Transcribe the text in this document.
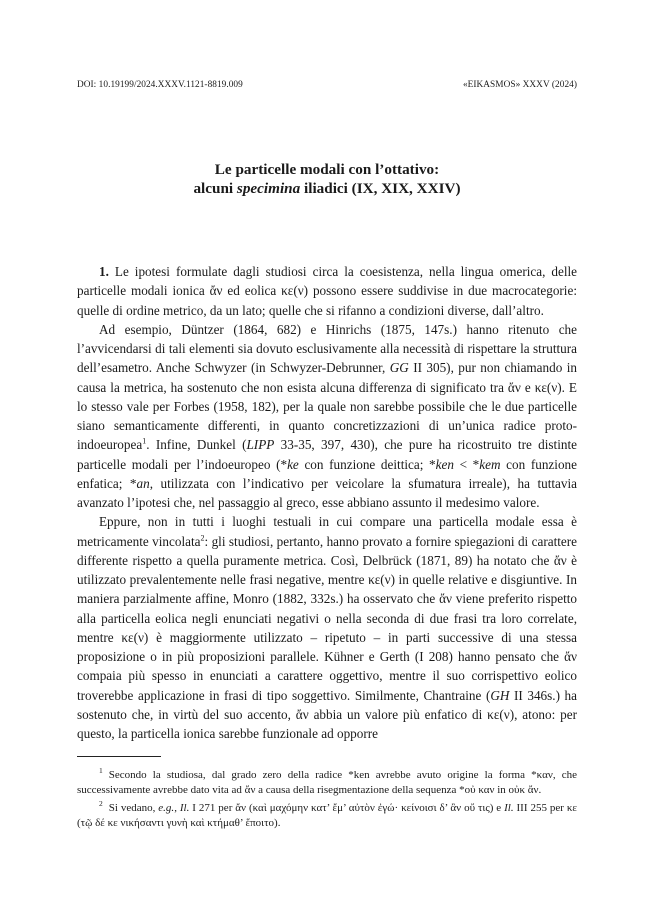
DOI: 10.19199/2024.XXXV.1121-8819.009	«EIKASMOS» XXXV (2024)
Le particelle modali con l’ottativo:
alcuni specimina iliadici (IX, XIX, XXIV)

1. Le ipotesi formulate dagli studiosi circa la coesistenza, nella lingua omerica, delle particelle modali ionica ἄν ed eolica κε(ν) possono essere suddivise in due macrocategorie: quelle di ordine metrico, da un lato; quelle che si rifanno a condizioni diverse, dall’altro.

Ad esempio, Düntzer (1864, 682) e Hinrichs (1875, 147s.) hanno ritenuto che l’avvicendarsi di tali elementi sia dovuto esclusivamente alla necessità di rispettare la struttura dell’esametro. Anche Schwyzer (in Schwyzer-Debrunner, GG II 305), pur non chiamando in causa la metrica, ha sostenuto che non esista alcuna differenza di significato tra ἄν e κε(ν). E lo stesso vale per Forbes (1958, 182), per la quale non sarebbe possibile che le due particelle siano semanticamente differenti, in quanto concretizzazioni di un’unica radice proto-indoeuropea$^1$. Infine, Dunkel (LIPP 33-35, 397, 430), che pure ha ricostruito tre distinte particelle modali per l’indoeuropeo (*ke con funzione deittica; *ken < *kem con funzione enfatica; *an, utilizzata con l’indicativo per veicolare la sfumatura irreale), ha tuttavia avanzato l’ipotesi che, nel passaggio al greco, esse abbiano assunto il medesimo valore.

Eppure, non in tutti i luoghi testuali in cui compare una particella modale essa è metricamente vincolata$^2$: gli studiosi, pertanto, hanno provato a fornire spiegazioni di carattere differente rispetto a quella puramente metrica. Così, Delbrück (1871, 89) ha notato che ἄν è utilizzato prevalentemente nelle frasi negative, mentre κε(ν) in quelle relative e disgiuntive. In maniera parzialmente affine, Monro (1882, 332s.) ha osservato che ἄν viene preferito rispetto alla particella eolica negli enunciati negativi o nella seconda di due frasi tra loro correlate, mentre κε(ν) è maggiormente utilizzato – ripetuto – in parti successive di una stessa proposizione o in più proposizioni parallele. Kühner e Gerth (I 208) hanno pensato che ἄν compaia più spesso in enunciati a carattere oggettivo, mentre il suo corrispettivo eolico troverebbe applicazione in frasi di tipo soggettivo. Similmente, Chantraine (GH II 346s.) ha sostenuto che, in virtù del suo accento, ἄν abbia un valore più enfatico di κε(ν), atono: per questo, la particella ionica sarebbe funzionale ad opporre

$^1$ Secondo la studiosa, dal grado zero della radice *ken avrebbe avuto origine la forma *καν, che successivamente avrebbe dato vita ad ἄν a causa della risegmentazione della sequenza *οὐ καν in οὐκ ἄν.

$^2$ Si vedano, e.g., Il. I 271 per ἄν (καὶ μαχόμην κατ’ ἔμ’ αὐτὸν ἐγώ· κείνοισι δ’ ἂν οὔ τις) e Il. III 255 per κε (τῷ δέ κε νικήσαντι γυνὴ καὶ κτήμαθ’ ἕποιτο).
